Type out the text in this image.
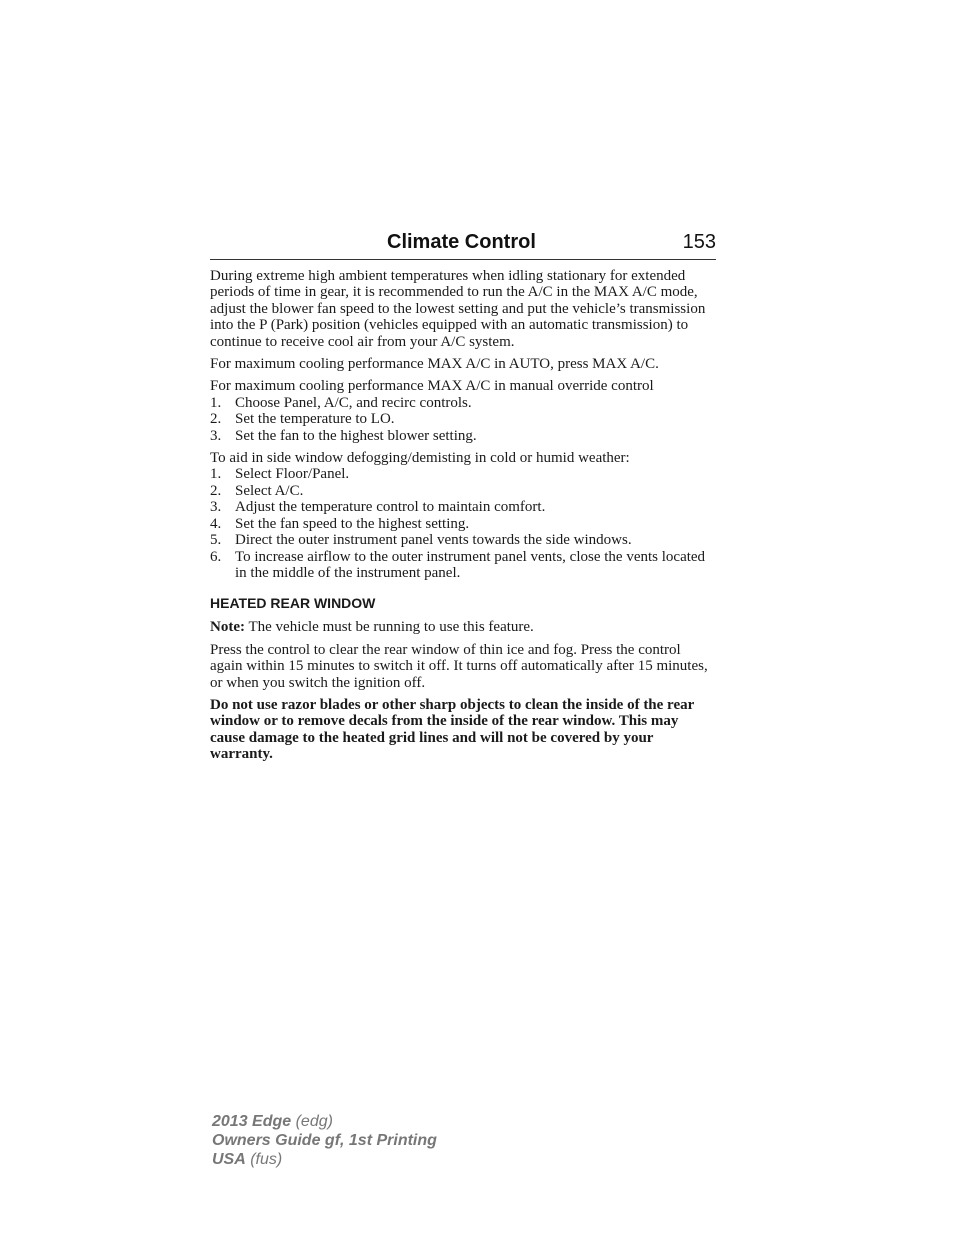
Climate Control	153

During extreme high ambient temperatures when idling stationary for extended periods of time in gear, it is recommended to run the A/C in the MAX A/C mode, adjust the blower fan speed to the lowest setting and put the vehicle’s transmission into the P (Park) position (vehicles equipped with an automatic transmission) to continue to receive cool air from your A/C system.

For maximum cooling performance MAX A/C in AUTO, press MAX A/C.

For maximum cooling performance MAX A/C in manual override control

1. Choose Panel, A/C, and recirc controls.
2. Set the temperature to LO.
3. Set the fan to the highest blower setting.

To aid in side window defogging/demisting in cold or humid weather:

1. Select Floor/Panel.
2. Select A/C.
3. Adjust the temperature control to maintain comfort.
4. Set the fan speed to the highest setting.
5. Direct the outer instrument panel vents towards the side windows.
6. To increase airflow to the outer instrument panel vents, close the vents located in the middle of the instrument panel.
HEATED REAR WINDOW

Note: The vehicle must be running to use this feature.

Press the control to clear the rear window of thin ice and fog. Press the control again within 15 minutes to switch it off. It turns off automatically after 15 minutes, or when you switch the ignition off.

Do not use razor blades or other sharp objects to clean the inside of the rear window or to remove decals from the inside of the rear window. This may cause damage to the heated grid lines and will not be covered by your warranty.

2013 Edge (edg)
Owners Guide gf, 1st Printing
USA (fus)
